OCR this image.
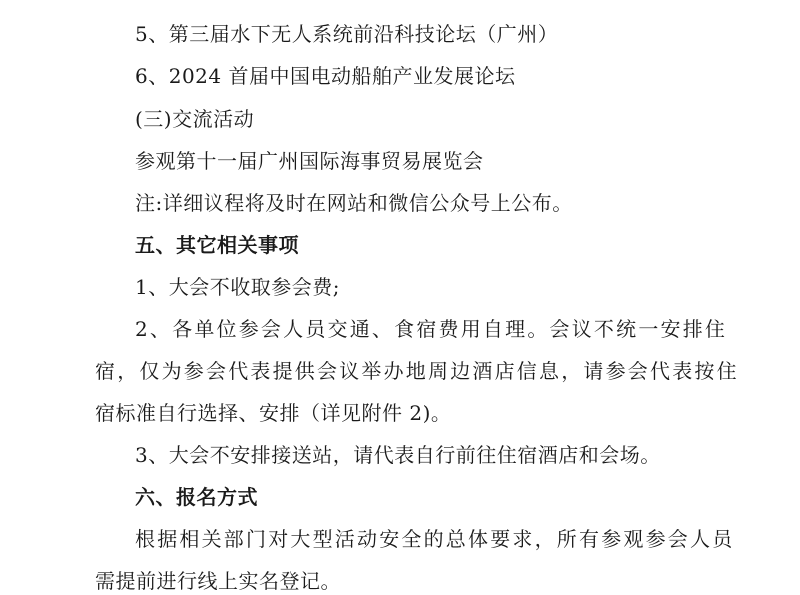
5、第三届水下无人系统前沿科技论坛（广州）
6、2024 首届中国电动船舶产业发展论坛
(三)交流活动
参观第十一届广州国际海事贸易展览会
注:详细议程将及时在网站和微信公众号上公布。
五、其它相关事项
1、大会不收取参会费;
2、各单位参会人员交通、食宿费用自理。会议不统一安排住
宿，仅为参会代表提供会议举办地周边酒店信息，请参会代表按住
宿标准自行选择、安排（详见附件 2)。
3、大会不安排接送站，请代表自行前往住宿酒店和会场。
六、报名方式
根据相关部门对大型活动安全的总体要求，所有参观参会人员
需提前进行线上实名登记。
